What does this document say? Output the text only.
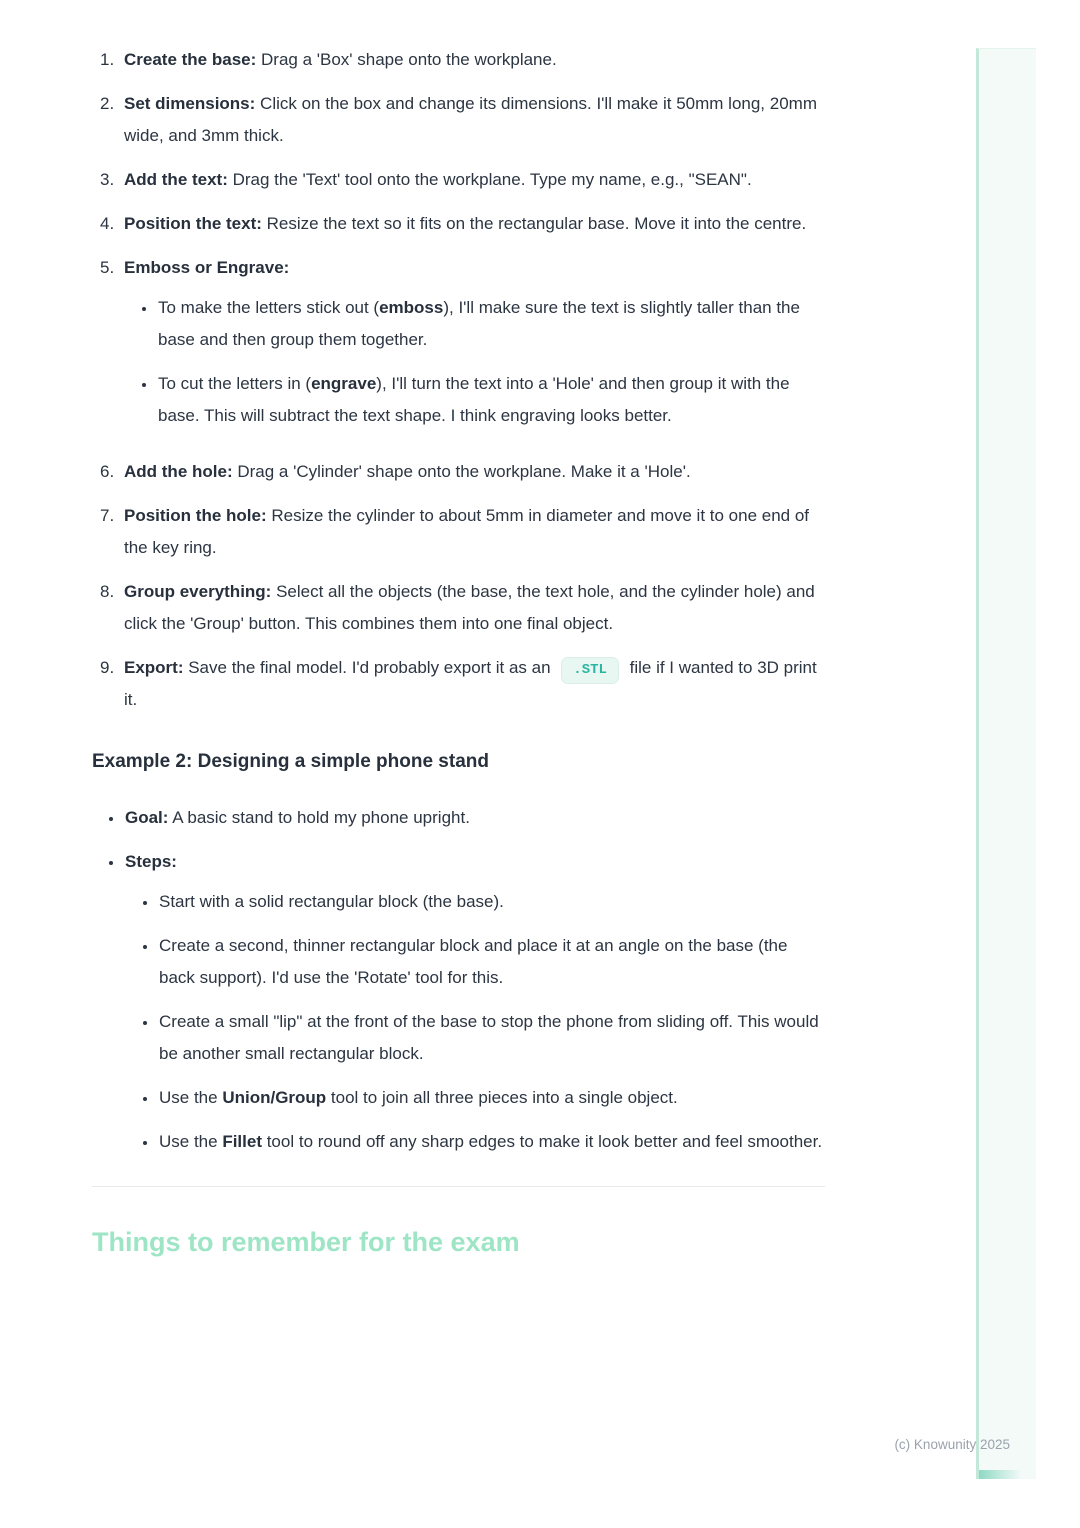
1. Create the base: Drag a 'Box' shape onto the workplane.
2. Set dimensions: Click on the box and change its dimensions. I'll make it 50mm long, 20mm wide, and 3mm thick.
3. Add the text: Drag the 'Text' tool onto the workplane. Type my name, e.g., "SEAN".
4. Position the text: Resize the text so it fits on the rectangular base. Move it into the centre.
5. Emboss or Engrave:
• To make the letters stick out (emboss), I'll make sure the text is slightly taller than the base and then group them together.
• To cut the letters in (engrave), I'll turn the text into a 'Hole' and then group it with the base. This will subtract the text shape. I think engraving looks better.
6. Add the hole: Drag a 'Cylinder' shape onto the workplane. Make it a 'Hole'.
7. Position the hole: Resize the cylinder to about 5mm in diameter and move it to one end of the key ring.
8. Group everything: Select all the objects (the base, the text hole, and the cylinder hole) and click the 'Group' button. This combines them into one final object.
9. Export: Save the final model. I'd probably export it as an .STL file if I wanted to 3D print it.
Example 2: Designing a simple phone stand
• Goal: A basic stand to hold my phone upright.
• Steps:
• Start with a solid rectangular block (the base).
• Create a second, thinner rectangular block and place it at an angle on the base (the back support). I'd use the 'Rotate' tool for this.
• Create a small "lip" at the front of the base to stop the phone from sliding off. This would be another small rectangular block.
• Use the Union/Group tool to join all three pieces into a single object.
• Use the Fillet tool to round off any sharp edges to make it look better and feel smoother.
Things to remember for the exam
(c) Knowunity 2025
